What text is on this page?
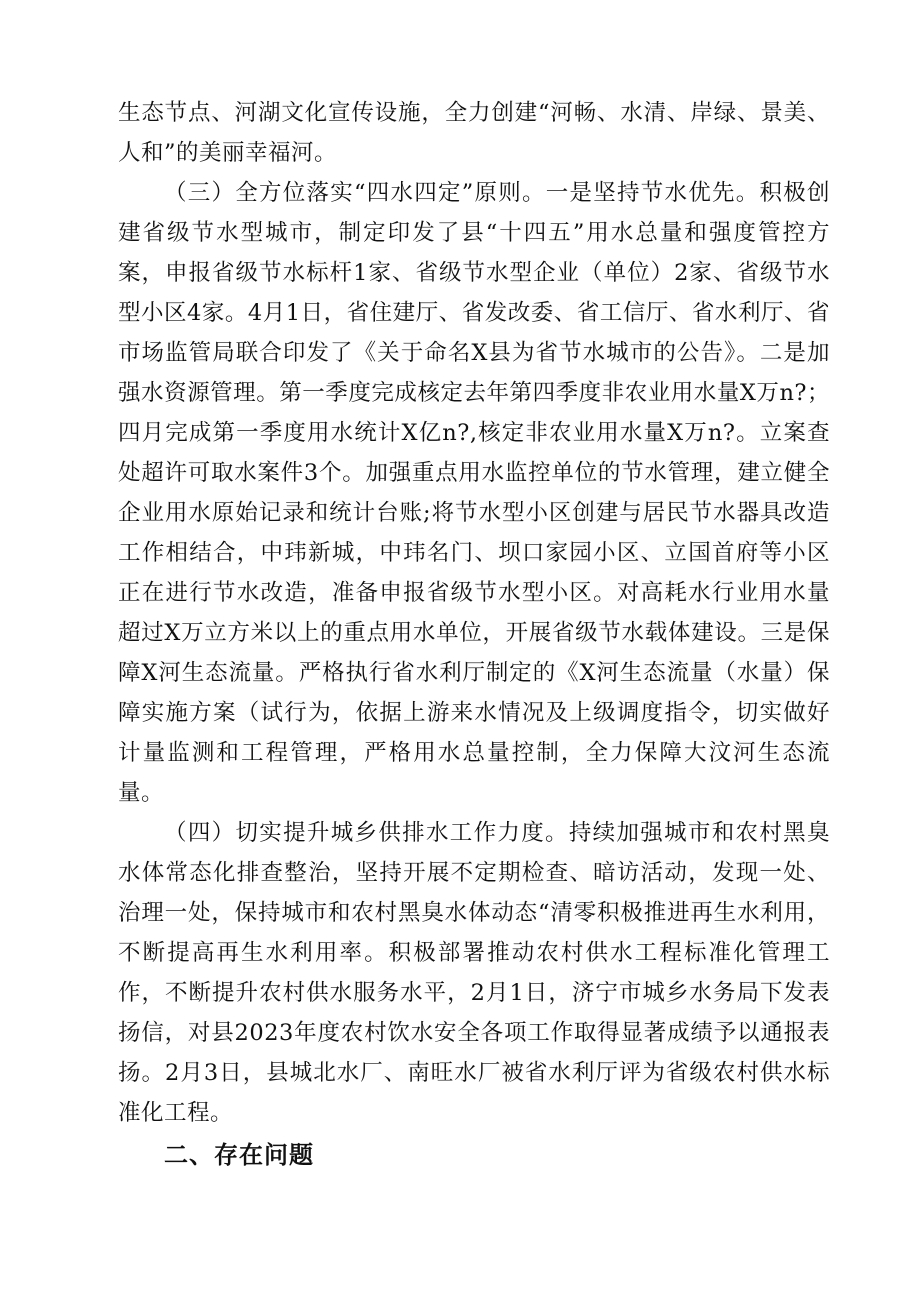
生态节点、河湖文化宣传设施，全力创建“河畅、水清、岸绿、景美、人和”的美丽幸福河。

（三）全方位落实“四水四定”原则。一是坚持节水优先。积极创建省级节水型城市，制定印发了县“十四五”用水总量和强度管控方案，申报省级节水标杆1家、省级节水型企业（单位）2家、省级节水型小区4家。4月1日，省住建厅、省发改委、省工信厅、省水利厅、省市场监管局联合印发了《关于命名X县为省节水城市的公告》。二是加强水资源管理。第一季度完成核定去年第四季度非农业用水量X万n?；四月完成第一季度用水统计X亿n?,核定非农业用水量X万n?。立案查处超许可取水案件3个。加强重点用水监控单位的节水管理，建立健全企业用水原始记录和统计台账;将节水型小区创建与居民节水器具改造工作相结合，中玮新城，中玮名门、坝口家园小区、立国首府等小区正在进行节水改造，准备申报省级节水型小区。对高耗水行业用水量超过X万立方米以上的重点用水单位，开展省级节水载体建设。三是保障X河生态流量。严格执行省水利厅制定的《X河生态流量（水量）保障实施方案（试行为，依据上游来水情况及上级调度指令，切实做好计量监测和工程管理，严格用水总量控制，全力保障大汶河生态流量。

（四）切实提升城乡供排水工作力度。持续加强城市和农村黑臭水体常态化排查整治，坚持开展不定期检查、暗访活动，发现一处、治理一处，保持城市和农村黑臭水体动态“清零积极推进再生水利用，不断提高再生水利用率。积极部署推动农村供水工程标准化管理工作，不断提升农村供水服务水平，2月1日，济宁市城乡水务局下发表扬信，对县2023年度农村饮水安全各项工作取得显著成绩予以通报表扬。2月3日，县城北水厂、南旺水厂被省水利厅评为省级农村供水标准化工程。

二、存在问题
